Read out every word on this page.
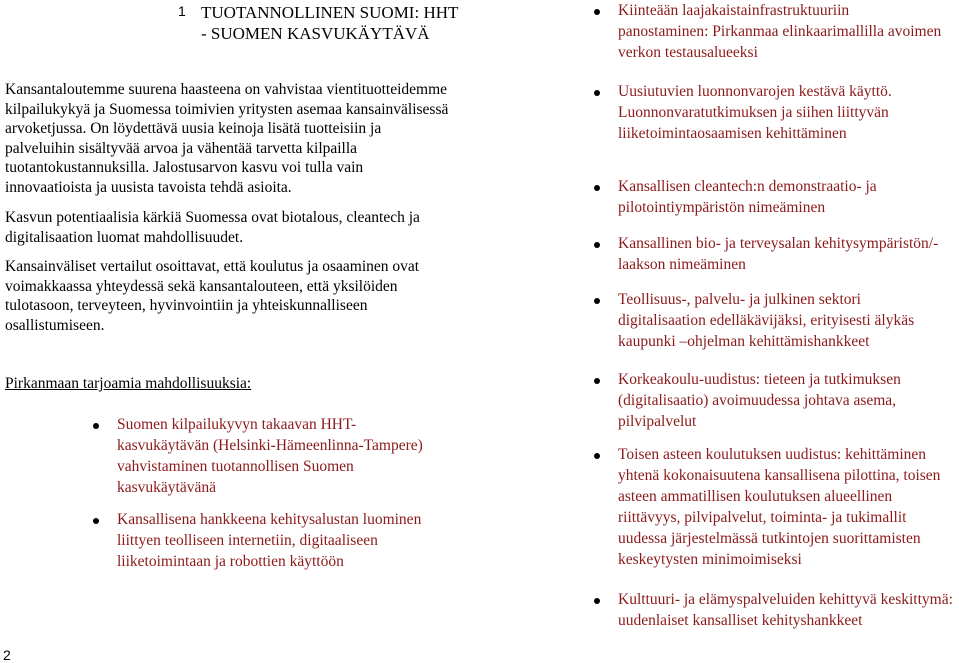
1 TUOTANNOLLINEN SUOMI: HHT - SUOMEN KASVUKÄYTÄVÄ

Kansantaloutemme suurena haasteena on vahvistaa vientituotteidemme kilpailukykyä ja Suomessa toimivien yritysten asemaa kansainvälisessä arvoketjussa. On löydettävä uusia keinoja lisätä tuotteisiin ja palveluihin sisältyvää arvoa ja vähentää tarvetta kilpailla tuotantokustannuksilla. Jalostusarvon kasvu voi tulla vain innovaatioista ja uusista tavoista tehdä asioita.

Kasvun potentiaalisia kärkiä Suomessa ovat biotalous, cleantech ja digitalisaation luomat mahdollisuudet.

Kansainväliset vertailut osoittavat, että koulutus ja osaaminen ovat voimakkaassa yhteydessä sekä kansantalouteen, että yksilöiden tulotasoon, terveyteen, hyvinvointiin ja yhteiskunnalliseen osallistumiseen.

Pirkanmaan tarjoamia mahdollisuuksia:
Suomen kilpailukyvyn takaavan HHT-kasvukäytävän (Helsinki-Hämeenlinna-Tampere) vahvistaminen tuotannollisen Suomen kasvukäytävänä
Kansallisena hankkeena kehitysalustan luominen liittyen teolliseen internetiin, digitaaliseen liiketoimintaan ja robottien käyttöön
2
Kiinteään laajakaistainfrastruktuuriin panostaminen: Pirkanmaa elinkaarimallilla avoimen verkon testausalueeksi
Uusiutuvien luonnonvarojen kestävä käyttö. Luonnonvaratutkimuksen ja siihen liittyvän liiketoimintaosaamisen kehittäminen
Kansallisen cleantech:n demonstraatio- ja pilotointiympäristön nimeäminen
Kansallinen bio- ja terveysalan kehitysympäristön/-laakson nimeäminen
Teollisuus-, palvelu- ja julkinen sektori digitalisaation edelläkävijäksi, erityisesti älykäs kaupunki –ohjelman kehittämishankkeet
Korkeakoulu-uudistus: tieteen ja tutkimuksen (digitalisaatio) avoimuudessa johtava asema, pilvipalvelut
Toisen asteen koulutuksen uudistus: kehittäminen yhtenä kokonaisuutena kansallisena pilottina, toisen asteen ammatillisen koulutuksen alueellinen riittävyys, pilvipalvelut, toiminta- ja tukimallit uudessa järjestelmässä tutkintojen suorittamisten keskeytysten minimoimiseksi
Kulttuuri- ja elämyspalveluiden kehittyvä keskittymä: uudenlaiset kansalliset kehityshankkeet
